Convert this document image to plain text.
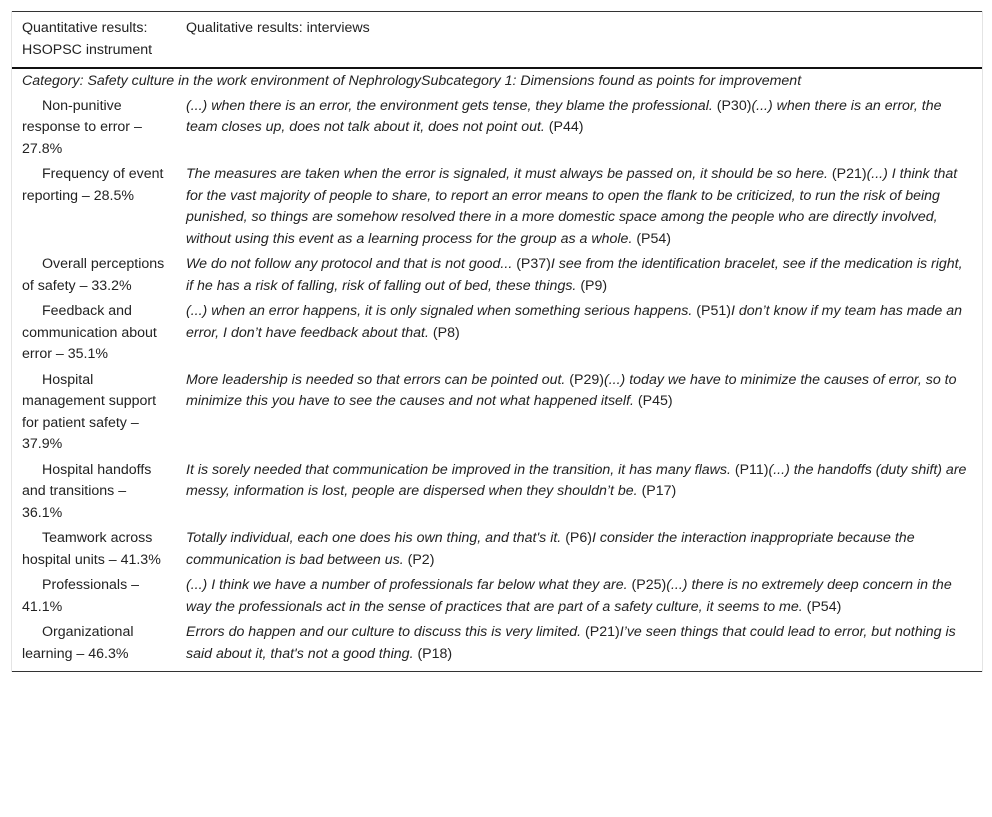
Quantitative results: HSOPSC instrument	Qualitative results: interviews
Category: Safety culture in the work environment of NephrologySubcategory 1: Dimensions found as points for improvement	
Non-punitive response to error – 27.8%	(...) when there is an error, the environment gets tense, they blame the professional. (P30)(...) when there is an error, the team closes up, does not talk about it, does not point out. (P44)
Frequency of event reporting – 28.5%	The measures are taken when the error is signaled, it must always be passed on, it should be so here. (P21)(...) I think that for the vast majority of people to share, to report an error means to open the flank to be criticized, to run the risk of being punished, so things are somehow resolved there in a more domestic space among the people who are directly involved, without using this event as a learning process for the group as a whole. (P54)
Overall perceptions of safety – 33.2%	We do not follow any protocol and that is not good... (P37)I see from the identification bracelet, see if the medication is right, if he has a risk of falling, risk of falling out of bed, these things. (P9)
Feedback and communication about error – 35.1%	(...) when an error happens, it is only signaled when something serious happens. (P51)I don’t know if my team has made an error, I don’t have feedback about that. (P8)
Hospital management support for patient safety – 37.9%	More leadership is needed so that errors can be pointed out. (P29)(...) today we have to minimize the causes of error, so to minimize this you have to see the causes and not what happened itself. (P45)
Hospital handoffs and transitions – 36.1%	It is sorely needed that communication be improved in the transition, it has many flaws. (P11)(...) the handoffs (duty shift) are messy, information is lost, people are dispersed when they shouldn’t be. (P17)
Teamwork across hospital units – 41.3%	Totally individual, each one does his own thing, and that's it. (P6)I consider the interaction inappropriate because the communication is bad between us. (P2)
Professionals – 41.1%	(...) I think we have a number of professionals far below what they are. (P25)(...) there is no extremely deep concern in the way the professionals act in the sense of practices that are part of a safety culture, it seems to me. (P54)
Organizational learning – 46.3%	Errors do happen and our culture to discuss this is very limited. (P21)I’ve seen things that could lead to error, but nothing is said about it, that's not a good thing. (P18)
